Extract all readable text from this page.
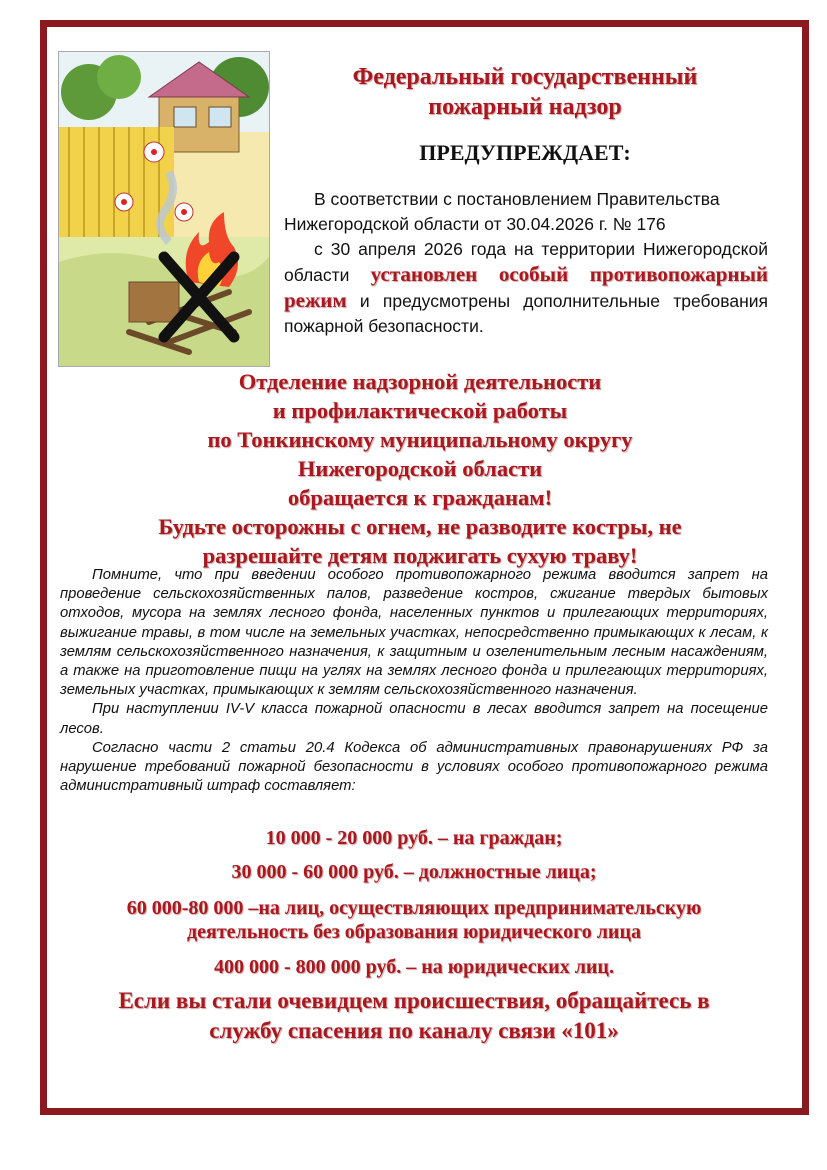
Федеральный государственный
пожарный надзор
ПРЕДУПРЕЖДАЕТ:
В соответствии с постановлением Правительства
Нижегородской области от 30.04.2026 г. № 176
с 30 апреля 2026 года на территории Нижегородской области установлен особый противопожарный режим и предусмотрены дополнительные требования пожарной безопасности.
Отделение надзорной деятельности
и профилактической работы
по Тонкинскому муниципальному округу
Нижегородской области
обращается к гражданам!
Будьте осторожны с огнем, не разводите костры, не
разрешайте детям поджигать сухую траву!

Помните, что при введении особого противопожарного режима вводится запрет на проведение сельскохозяйственных палов, разведение костров, сжигание твердых бытовых отходов, мусора на землях лесного фонда, населенных пунктов и прилегающих территориях, выжигание травы, в том числе на земельных участках, непосредственно примыкающих к лесам, к землям сельскохозяйственного назначения, к защитным и озеленительным лесным насаждениям, а также на приготовление пищи на углях на землях лесного фонда и прилегающих территориях, земельных участках, примыкающих к землям сельскохозяйственного назначения.

При наступлении IV-V класса пожарной опасности в лесах вводится запрет на посещение лесов.

Согласно части 2 статьи 20.4 Кодекса об административных правонарушениях РФ за нарушение требований пожарной безопасности в условиях особого противопожарного режима административный штраф составляет:

10 000 - 20 000 руб. – на граждан;
30 000 - 60 000 руб. – должностные лица;
60 000-80 000 –на лиц, осуществляющих предпринимательскую
деятельность без образования юридического лица
400 000 - 800 000 руб. – на юридических лиц.
Если вы стали очевидцем происшествия, обращайтесь в
службу спасения по каналу связи «101»
